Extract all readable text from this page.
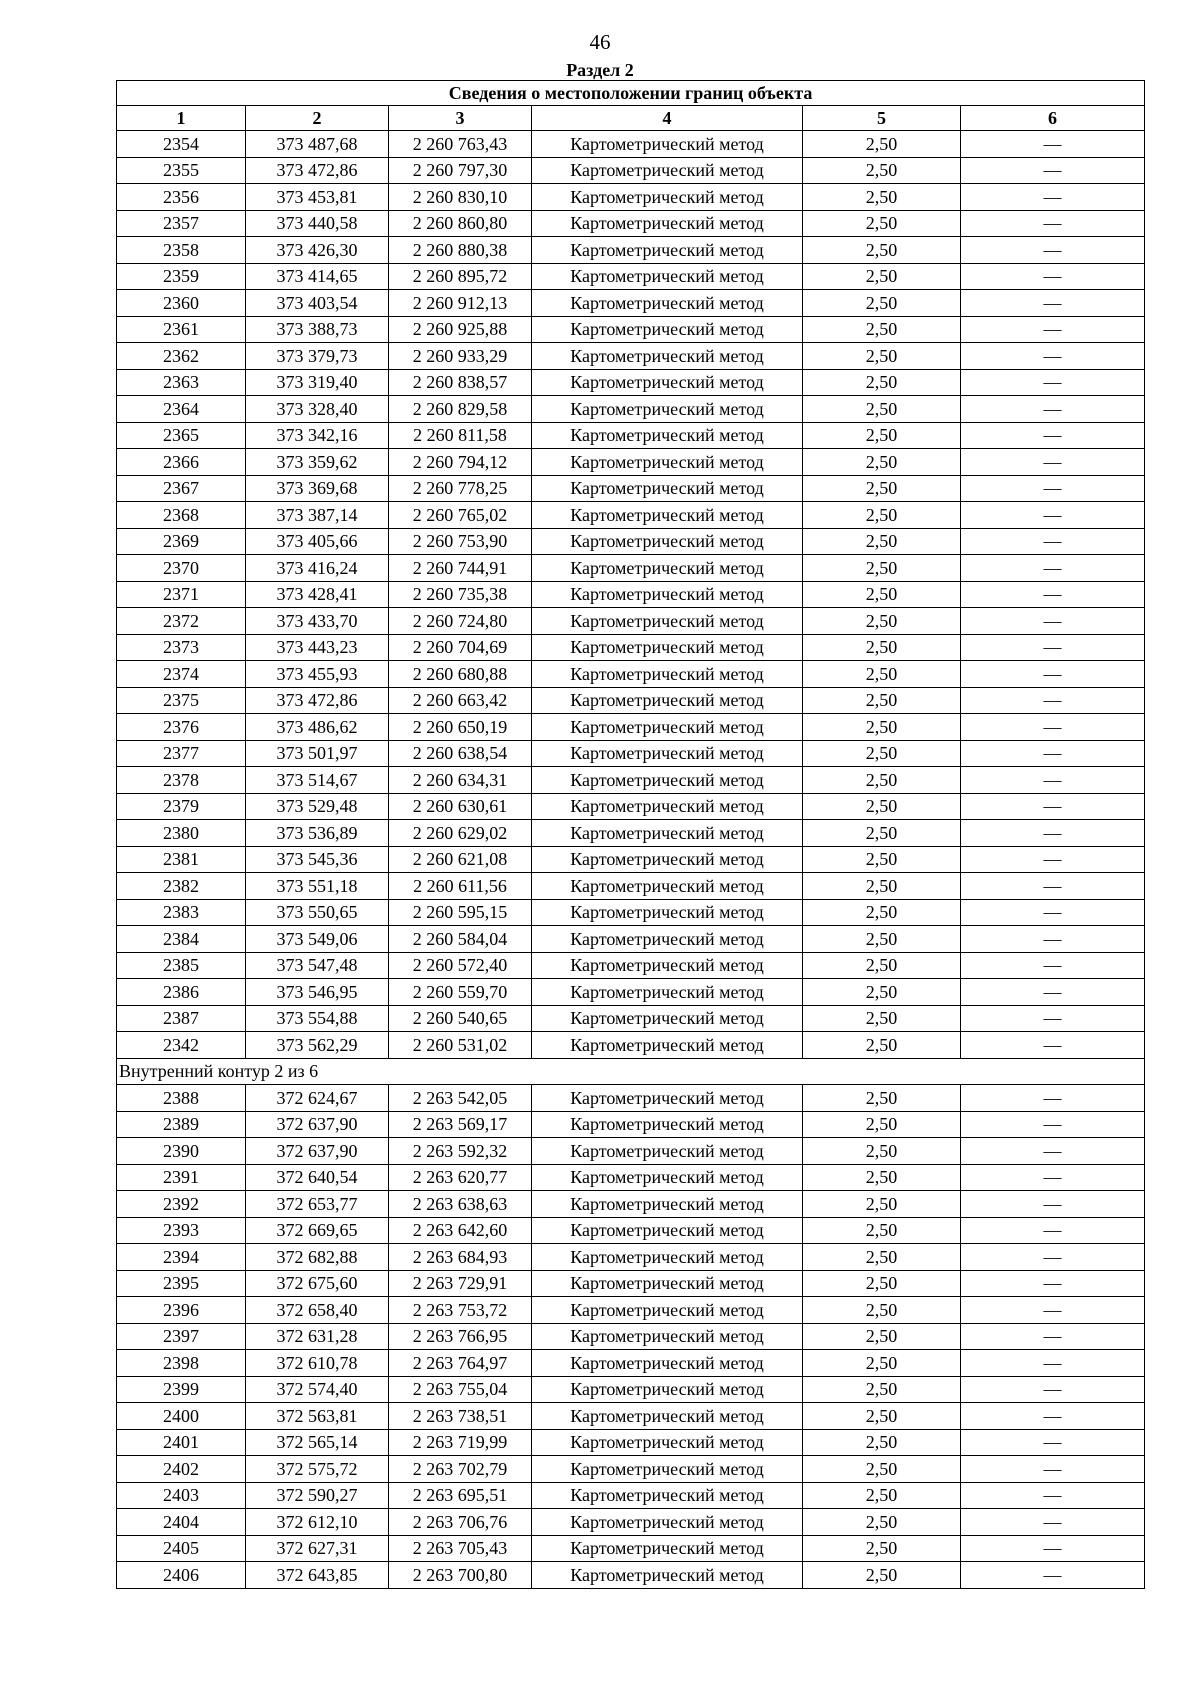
46
Раздел 2
Сведения о местоположении границ объекта					
1	2	3	4	5	6
2354	373 487,68	2 260 763,43	Картометрический метод	2,50	—
2355	373 472,86	2 260 797,30	Картометрический метод	2,50	—
2356	373 453,81	2 260 830,10	Картометрический метод	2,50	—
2357	373 440,58	2 260 860,80	Картометрический метод	2,50	—
2358	373 426,30	2 260 880,38	Картометрический метод	2,50	—
2359	373 414,65	2 260 895,72	Картометрический метод	2,50	—
2360	373 403,54	2 260 912,13	Картометрический метод	2,50	—
2361	373 388,73	2 260 925,88	Картометрический метод	2,50	—
2362	373 379,73	2 260 933,29	Картометрический метод	2,50	—
2363	373 319,40	2 260 838,57	Картометрический метод	2,50	—
2364	373 328,40	2 260 829,58	Картометрический метод	2,50	—
2365	373 342,16	2 260 811,58	Картометрический метод	2,50	—
2366	373 359,62	2 260 794,12	Картометрический метод	2,50	—
2367	373 369,68	2 260 778,25	Картометрический метод	2,50	—
2368	373 387,14	2 260 765,02	Картометрический метод	2,50	—
2369	373 405,66	2 260 753,90	Картометрический метод	2,50	—
2370	373 416,24	2 260 744,91	Картометрический метод	2,50	—
2371	373 428,41	2 260 735,38	Картометрический метод	2,50	—
2372	373 433,70	2 260 724,80	Картометрический метод	2,50	—
2373	373 443,23	2 260 704,69	Картометрический метод	2,50	—
2374	373 455,93	2 260 680,88	Картометрический метод	2,50	—
2375	373 472,86	2 260 663,42	Картометрический метод	2,50	—
2376	373 486,62	2 260 650,19	Картометрический метод	2,50	—
2377	373 501,97	2 260 638,54	Картометрический метод	2,50	—
2378	373 514,67	2 260 634,31	Картометрический метод	2,50	—
2379	373 529,48	2 260 630,61	Картометрический метод	2,50	—
2380	373 536,89	2 260 629,02	Картометрический метод	2,50	—
2381	373 545,36	2 260 621,08	Картометрический метод	2,50	—
2382	373 551,18	2 260 611,56	Картометрический метод	2,50	—
2383	373 550,65	2 260 595,15	Картометрический метод	2,50	—
2384	373 549,06	2 260 584,04	Картометрический метод	2,50	—
2385	373 547,48	2 260 572,40	Картометрический метод	2,50	—
2386	373 546,95	2 260 559,70	Картометрический метод	2,50	—
2387	373 554,88	2 260 540,65	Картометрический метод	2,50	—
2342	373 562,29	2 260 531,02	Картометрический метод	2,50	—
Внутренний контур 2 из 6					
2388	372 624,67	2 263 542,05	Картометрический метод	2,50	—
2389	372 637,90	2 263 569,17	Картометрический метод	2,50	—
2390	372 637,90	2 263 592,32	Картометрический метод	2,50	—
2391	372 640,54	2 263 620,77	Картометрический метод	2,50	—
2392	372 653,77	2 263 638,63	Картометрический метод	2,50	—
2393	372 669,65	2 263 642,60	Картометрический метод	2,50	—
2394	372 682,88	2 263 684,93	Картометрический метод	2,50	—
2395	372 675,60	2 263 729,91	Картометрический метод	2,50	—
2396	372 658,40	2 263 753,72	Картометрический метод	2,50	—
2397	372 631,28	2 263 766,95	Картометрический метод	2,50	—
2398	372 610,78	2 263 764,97	Картометрический метод	2,50	—
2399	372 574,40	2 263 755,04	Картометрический метод	2,50	—
2400	372 563,81	2 263 738,51	Картометрический метод	2,50	—
2401	372 565,14	2 263 719,99	Картометрический метод	2,50	—
2402	372 575,72	2 263 702,79	Картометрический метод	2,50	—
2403	372 590,27	2 263 695,51	Картометрический метод	2,50	—
2404	372 612,10	2 263 706,76	Картометрический метод	2,50	—
2405	372 627,31	2 263 705,43	Картометрический метод	2,50	—
2406	372 643,85	2 263 700,80	Картометрический метод	2,50	—
